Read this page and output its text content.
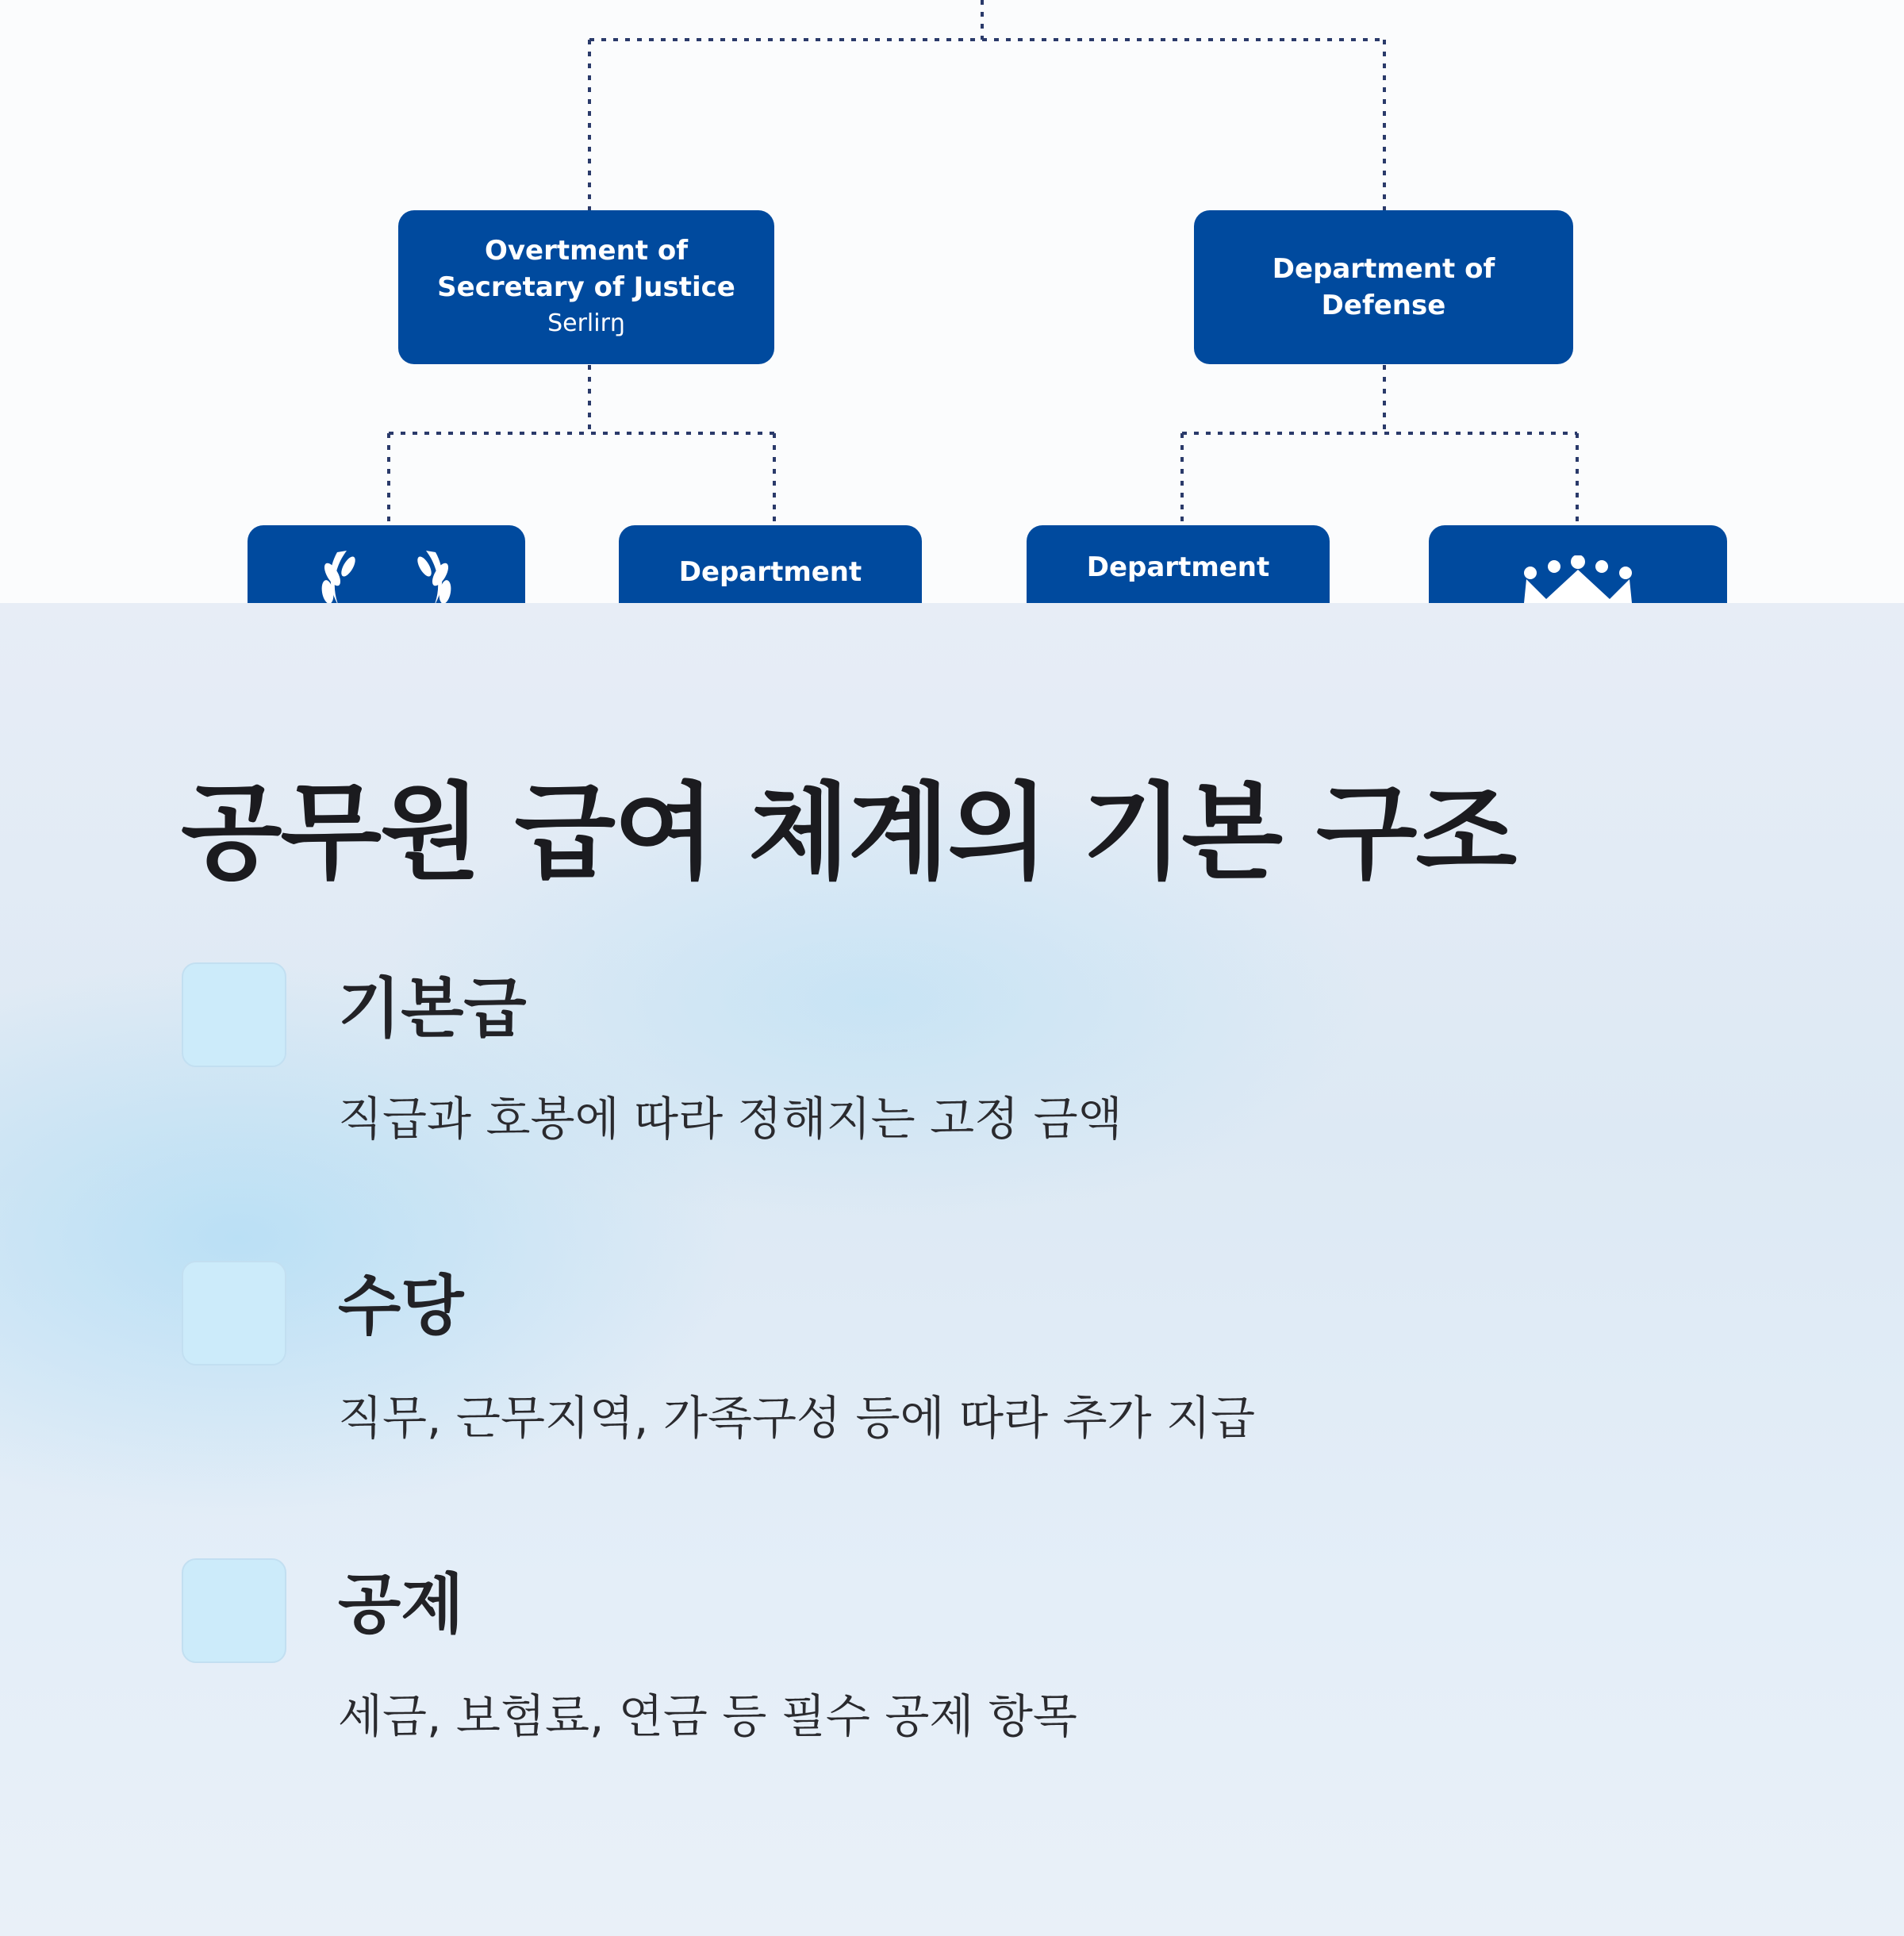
Overtment of
Secretary of Justice
Serlirŋ
Department of
Defense
Department	Department
공무원 급여 체계의 기본 구조
기본급
직급과 호봉에 따라 정해지는 고정 금액
수당
직무, 근무지역, 가족구성 등에 따라 추가 지급
공제
세금, 보험료, 연금 등 필수 공제 항목
